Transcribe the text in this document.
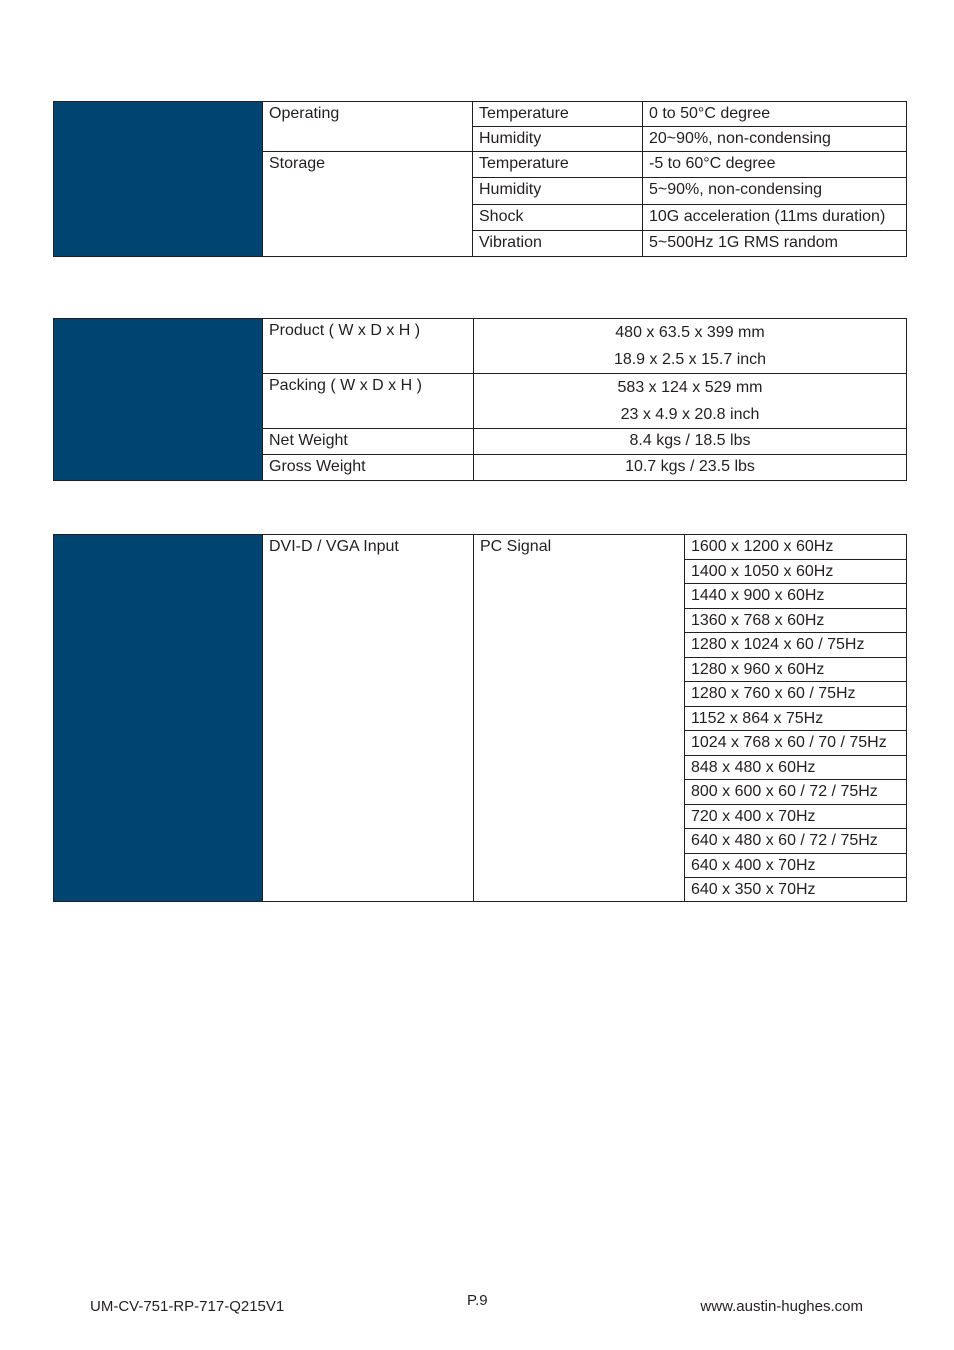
	Operating	Temperature	0 to 50°C degree
		Humidity	20~90%, non-condensing
	Storage	Temperature	-5 to 60°C degree
		Humidity	5~90%, non-condensing
		Shock	10G acceleration (11ms duration)
		Vibration	5~500Hz 1G RMS random
	Product ( W x D x H )	480 x 63.5 x 399 mm
18.9 x 2.5 x 15.7 inch

	Packing ( W x D x H )	583 x 124 x 529 mm
23 x 4.9 x 20.8 inch

	Net Weight	8.4 kgs / 18.5 lbs
	Gross Weight	10.7 kgs / 23.5 lbs
	DVI-D / VGA Input	PC Signal	1600 x 1200 x 60Hz
1400 x 1050 x 60Hz
1440 x 900 x 60Hz
1360 x 768 x 60Hz
1280 x 1024 x 60 / 75Hz
1280 x 960 x 60Hz
1280 x 760 x 60 / 75Hz
1152 x 864 x 75Hz
1024 x 768 x 60 / 70 / 75Hz
848 x 480 x 60Hz
800 x 600 x 60 / 72 / 75Hz
720 x 400 x 70Hz
640 x 480 x 60 / 72 / 75Hz
640 x 400 x 70Hz
640 x 350 x 70Hz
UM-CV-751-RP-717-Q215V1	P.9	www.austin-hughes.com
